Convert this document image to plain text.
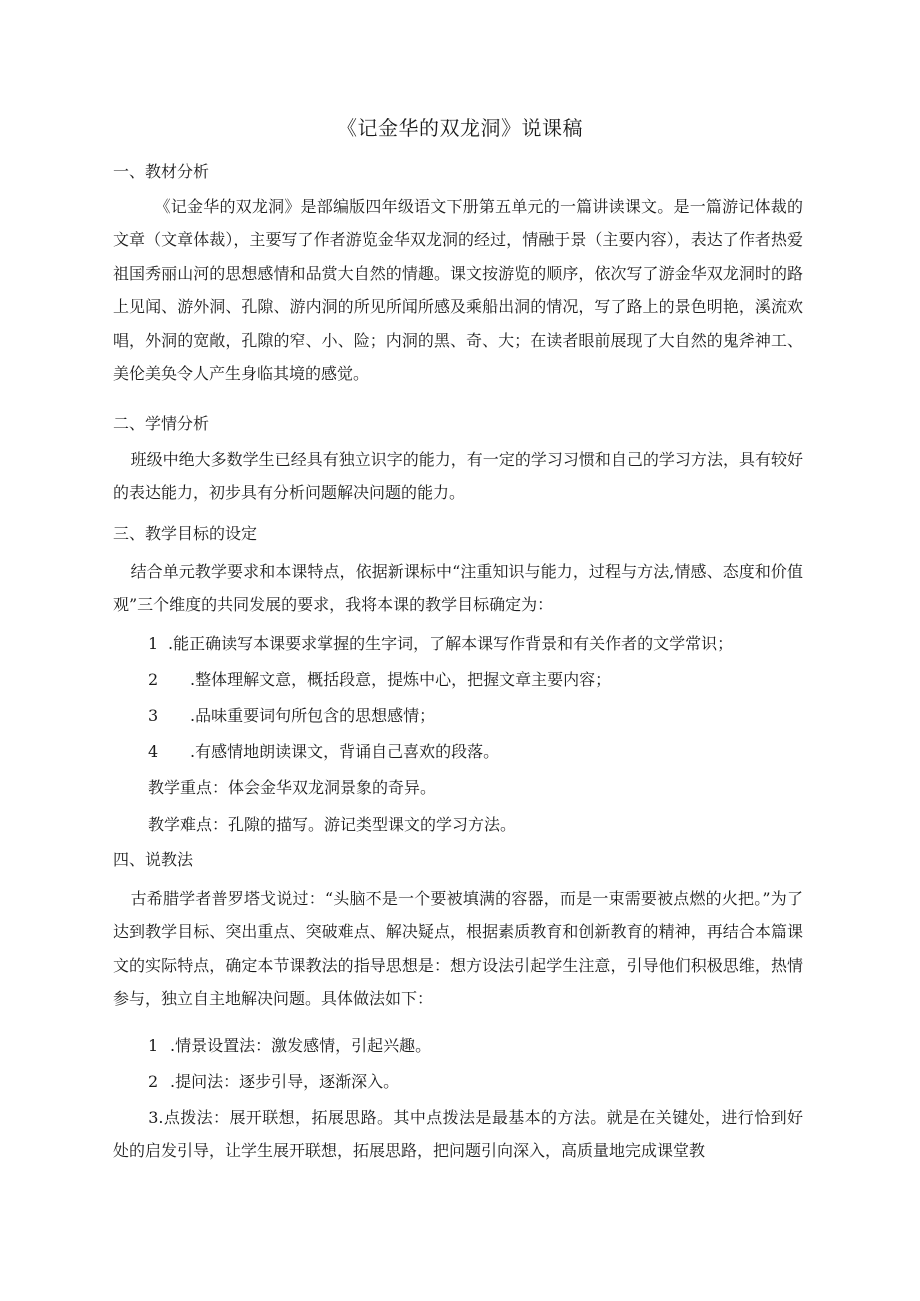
《记金华的双龙洞》说课稿
一、教材分析
《记金华的双龙洞》是部编版四年级语文下册第五单元的一篇讲读课文。是一篇游记体裁的文章（文章体裁），主要写了作者游览金华双龙洞的经过，情融于景（主要内容），表达了作者热爱祖国秀丽山河的思想感情和品赏大自然的情趣。课文按游览的顺序，依次写了游金华双龙洞时的路上见闻、游外洞、孔隙、游内洞的所见所闻所感及乘船出洞的情况，写了路上的景色明艳，溪流欢唱，外洞的宽敞，孔隙的窄、小、险；内洞的黑、奇、大；在读者眼前展现了大自然的鬼斧神工、美伦美奂令人产生身临其境的感觉。
二、学情分析
班级中绝大多数学生已经具有独立识字的能力，有一定的学习习惯和自己的学习方法，具有较好的表达能力，初步具有分析问题解决问题的能力。
三、教学目标的设定
结合单元教学要求和本课特点，依据新课标中“注重知识与能力，过程与方法,情感、态度和价值观”三个维度的共同发展的要求，我将本课的教学目标确定为：
1 .能正确读写本课要求掌握的生字词，了解本课写作背景和有关作者的文学常识；
2 .整体理解文意，概括段意，提炼中心，把握文章主要内容；
3 .品味重要词句所包含的思想感情；
4 .有感情地朗读课文，背诵自己喜欢的段落。
教学重点：体会金华双龙洞景象的奇异。
教学难点：孔隙的描写。游记类型课文的学习方法。
四、说教法
古希腊学者普罗塔戈说过：“头脑不是一个要被填满的容器，而是一束需要被点燃的火把。”为了达到教学目标、突出重点、突破难点、解决疑点，根据素质教育和创新教育的精神，再结合本篇课文的实际特点，确定本节课教法的指导思想是：想方设法引起学生注意，引导他们积极思维，热情参与，独立自主地解决问题。具体做法如下：
1 .情景设置法：激发感情，引起兴趣。
2 .提问法：逐步引导，逐渐深入。
3.点拨法：展开联想，拓展思路。其中点拨法是最基本的方法。就是在关键处，进行恰到好处的启发引导，让学生展开联想，拓展思路，把问题引向深入，高质量地完成课堂教
